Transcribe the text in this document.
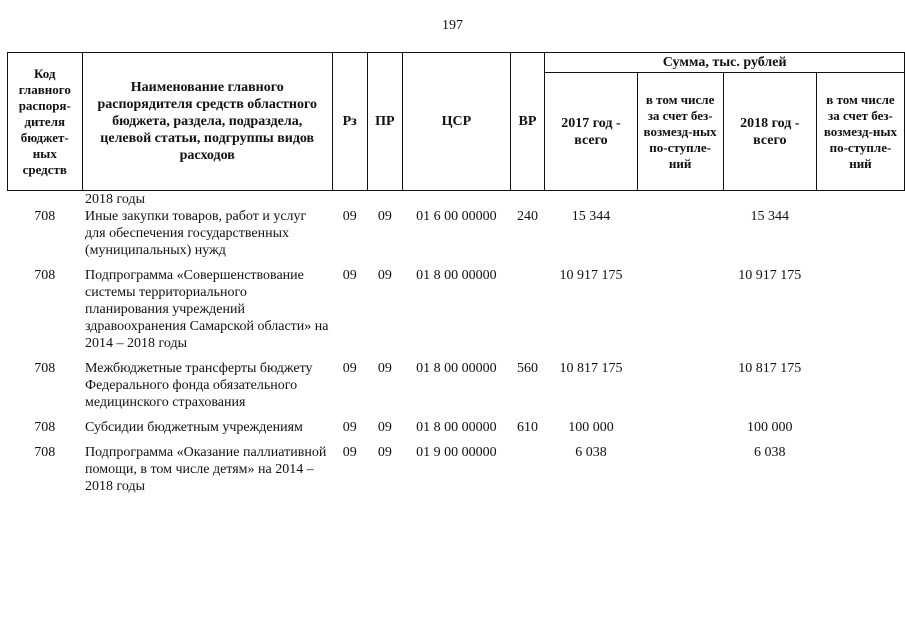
197
Код главного распоря-дителя бюджет-ных средств	Наименование главного распорядителя средств областного бюджета, раздела, подраздела, целевой статьи, подгруппы видов расходов	Рз	ПР	ЦСР	ВР	Сумма, тыс. рублей			
						2017 год - всего	в том числе за счет без-возмезд-ных по-ступле-ний	2018 год - всего	в том числе за счет без-возмезд-ных по-ступле-ний
	2018 годы								
708	Иные закупки товаров, работ и услуг для обеспечения государственных (муниципальных) нужд	09	09	01 6 00 00000	240	15 344		15 344	

708	Подпрограмма «Совершенствование системы территориального планирования учреждений здравоохранения Самарской области» на 2014 – 2018 годы	09	09	01 8 00 00000		10 917 175		10 917 175	

708	Межбюджетные трансферты бюджету Федерального фонда обязательного медицинского страхования	09	09	01 8 00 00000	560	10 817 175		10 817 175	

708	Субсидии бюджетным учреждениям	09	09	01 8 00 00000	610	100 000		100 000	

708	Подпрограмма «Оказание паллиативной помощи, в том числе детям» на 2014 – 2018 годы	09	09	01 9 00 00000		6 038		6 038	
